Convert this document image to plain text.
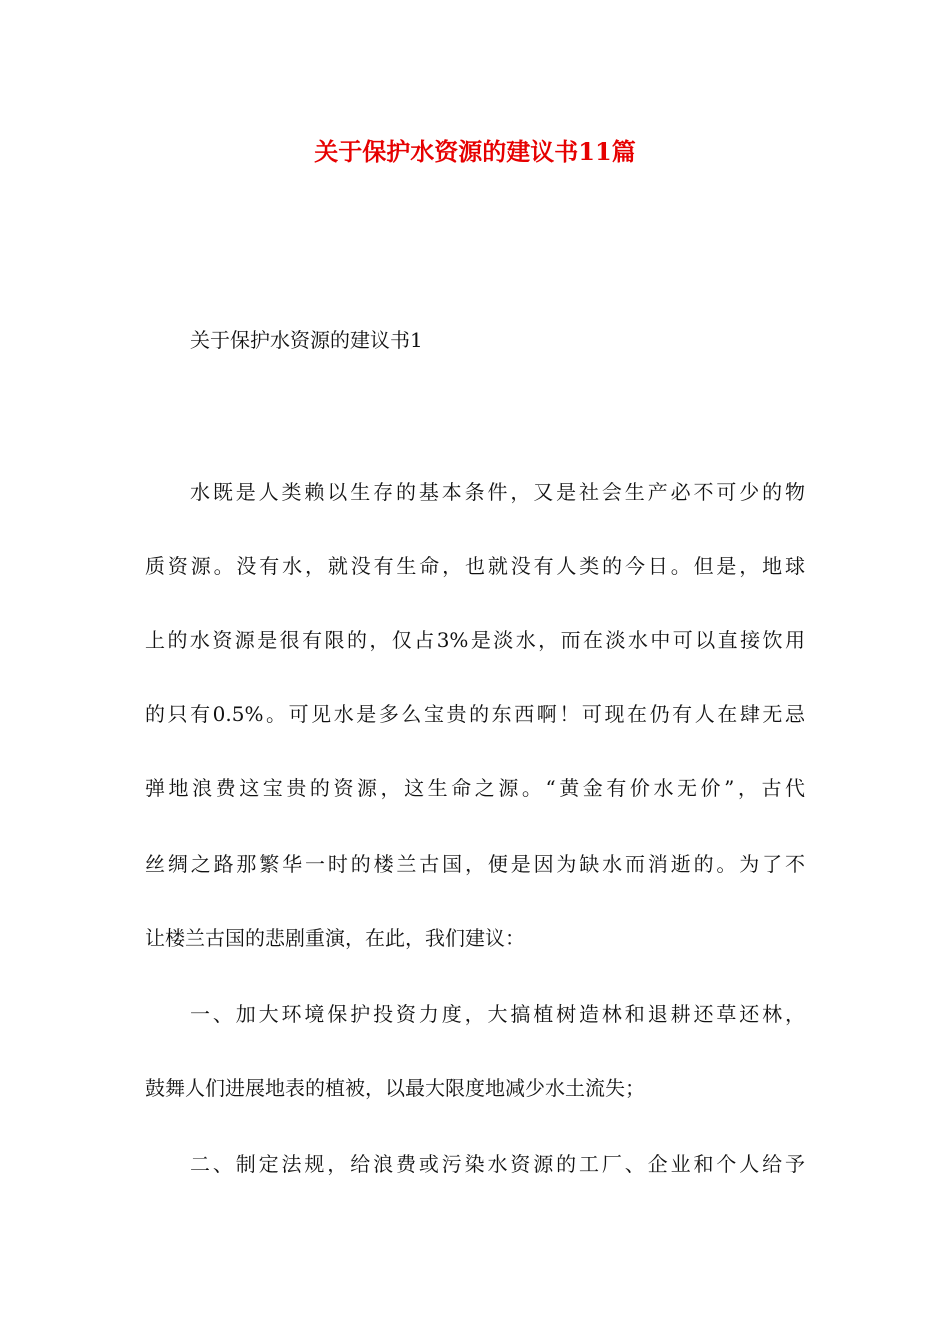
关于保护水资源的建议书11篇
关于保护水资源的建议书1
水既是人类赖以生存的基本条件，又是社会生产必不可少的物
质资源。没有水，就没有生命，也就没有人类的今日。但是，地球
上的水资源是很有限的，仅占3%是淡水，而在淡水中可以直接饮用
的只有0.5%。可见水是多么宝贵的东西啊！可现在仍有人在肆无忌
弹地浪费这宝贵的资源，这生命之源。“黄金有价水无价”，古代
丝绸之路那繁华一时的楼兰古国，便是因为缺水而消逝的。为了不
让楼兰古国的悲剧重演，在此，我们建议：
一、加大环境保护投资力度，大搞植树造林和退耕还草还林，
鼓舞人们进展地表的植被，以最大限度地减少水土流失；
二、制定法规，给浪费或污染水资源的工厂、企业和个人给予
